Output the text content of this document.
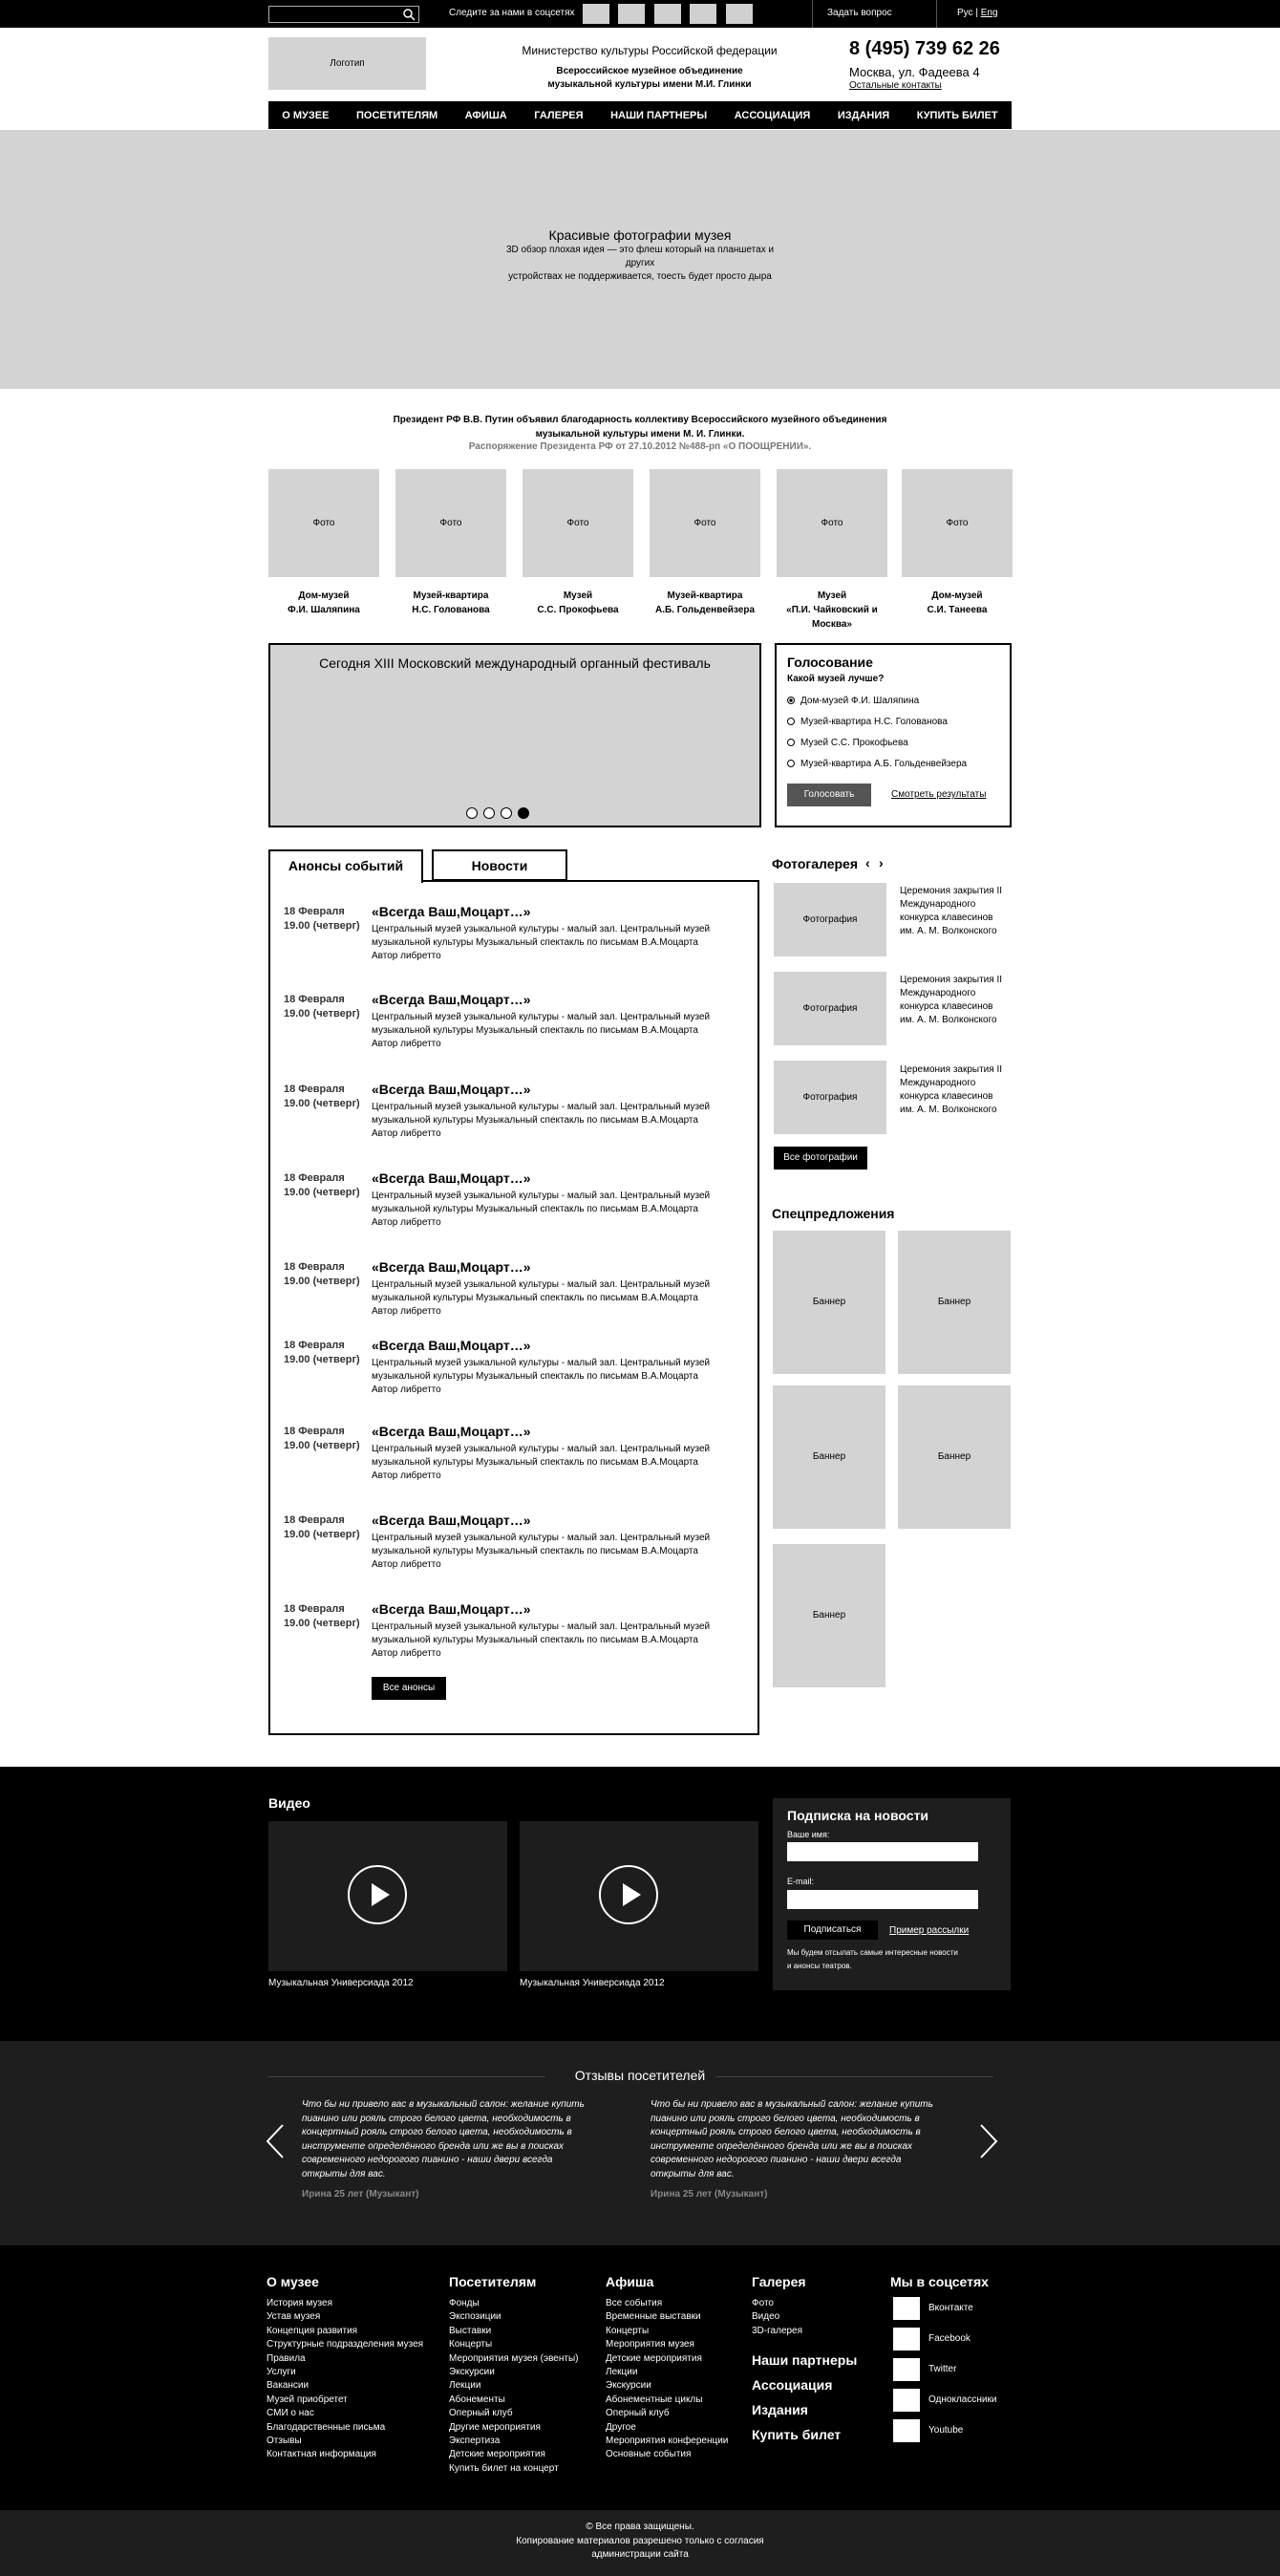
Следите за нами в соцсетях	Задать вопрос	Рус | Eng
Логотип
Министерство культуры Российской федерации
Всероссийское музейное объединение
музыкальной культуры имени М.И. Глинки
8 (495) 739 62 26
Москва, ул. Фадеева 4
Остальные контакты
О МУЗЕЕ	ПОСЕТИТЕЛЯМ	АФИША	ГАЛЕРЕЯ	НАШИ ПАРТНЕРЫ	АССОЦИАЦИЯ	ИЗДАНИЯ	КУПИТЬ БИЛЕТ
Красивые фотографии музея
3D обзор плохая идея — это флеш который на планшетах и других
устройствах не поддерживается, тоесть будет просто дыра
Президент РФ В.В. Путин объявил благодарность коллективу Всероссийского музейного объединения
музыкальной культуры имени М. И. Глинки.
Распоряжение Президента РФ от 27.10.2012 №488-рп «О ПООЩРЕНИИ».
Фото	Фото	Фото	Фото	Фото	Фото
Дом-музей
Ф.И. Шаляпина
Музей-квартира
Н.С. Голованова
Музей
С.С. Прокофьева
Музей-квартира
А.Б. Гольденвейзера
Музей
«П.И. Чайковский и
Москва»
Дом-музей
С.И. Танеева
Сегодня XIII Московский международный органный фестиваль	Голосование
Какой музей лучше?
Дом-музей Ф.И. Шаляпина
Музей-квартира Н.С. Голованова
Музей С.С. Прокофьева
Музей-квартира А.Б. Гольденвейзера
Голосовать	Смотреть результаты
Анонсы событий	Новости
18 Февраля
19.00 (четверг)
«Всегда Ваш,Моцарт…»
Центральный музей узыкальной культуры - малый зал. Центральный музей
музыкальной культуры Музыкальный спектакль по письмам В.А.Моцарта
Автор либретто
18 Февраля
19.00 (четверг)
«Всегда Ваш,Моцарт…»
Центральный музей узыкальной культуры - малый зал. Центральный музей
музыкальной культуры Музыкальный спектакль по письмам В.А.Моцарта
Автор либретто
18 Февраля
19.00 (четверг)
«Всегда Ваш,Моцарт…»
Центральный музей узыкальной культуры - малый зал. Центральный музей
музыкальной культуры Музыкальный спектакль по письмам В.А.Моцарта
Автор либретто
18 Февраля
19.00 (четверг)
«Всегда Ваш,Моцарт…»
Центральный музей узыкальной культуры - малый зал. Центральный музей
музыкальной культуры Музыкальный спектакль по письмам В.А.Моцарта
Автор либретто
18 Февраля
19.00 (четверг)
«Всегда Ваш,Моцарт…»
Центральный музей узыкальной культуры - малый зал. Центральный музей
музыкальной культуры Музыкальный спектакль по письмам В.А.Моцарта
Автор либретто
18 Февраля
19.00 (четверг)
«Всегда Ваш,Моцарт…»
Центральный музей узыкальной культуры - малый зал. Центральный музей
музыкальной культуры Музыкальный спектакль по письмам В.А.Моцарта
Автор либретто
18 Февраля
19.00 (четверг)
«Всегда Ваш,Моцарт…»
Центральный музей узыкальной культуры - малый зал. Центральный музей
музыкальной культуры Музыкальный спектакль по письмам В.А.Моцарта
Автор либретто
18 Февраля
19.00 (четверг)
«Всегда Ваш,Моцарт…»
Центральный музей узыкальной культуры - малый зал. Центральный музей
музыкальной культуры Музыкальный спектакль по письмам В.А.Моцарта
Автор либретто
18 Февраля
19.00 (четверг)
«Всегда Ваш,Моцарт…»
Центральный музей узыкальной культуры - малый зал. Центральный музей
музыкальной культуры Музыкальный спектакль по письмам В.А.Моцарта
Автор либретто
Все анонсы
Фотогалерея ‹ ›
Фотография
Церемония закрытия II
Международного
конкурса клавесинов
им. А. М. Волконского
Фотография
Церемония закрытия II
Международного
конкурса клавесинов
им. А. М. Волконского
Фотография
Церемония закрытия II
Международного
конкурса клавесинов
им. А. М. Волконского
Все фотографии
Спецпредложения
Баннер	Баннер
Баннер	Баннер
Баннер
Видео
Музыкальная Универсиада 2012	Музыкальная Универсиада 2012
Подписка на новости
Ваше имя:
E-mail:
Подписаться	Пример рассылки
Мы будем отсылать самые интересные новости
и анонсы театров.
Отзывы посетителей
Что бы ни привело вас в музыкальный салон: желание купить
пианино или рояль строго белого цвета, необходимость в
концертный рояль строго белого цвета, необходимость в
инструменте определённого бренда или же вы в поисках
современного недорогого пианино - наши двери всегда
открыты для вас.
Ирина 25 лет (Музыкант)
Что бы ни привело вас в музыкальный салон: желание купить
пианино или рояль строго белого цвета, необходимость в
концертный рояль строго белого цвета, необходимость в
инструменте определённого бренда или же вы в поисках
современного недорогого пианино - наши двери всегда
открыты для вас.
Ирина 25 лет (Музыкант)
О музее
История музея
Устав музея
Концепция развития
Структурные подразделения музея
Правила
Услуги
Вакансии
Музей приобретет
СМИ о нас
Благодарственные письма
Отзывы
Контактная информация
Посетителям
Фонды
Экспозиции
Выставки
Концерты
Мероприятия музея (эвенты)
Экскурсии
Лекции
Абонементы
Оперный клуб
Другие мероприятия
Экспертиза
Детские мероприятия
Купить билет на концерт
Афиша
Все события
Временные выставки
Концерты
Мероприятия музея
Детские мероприятия
Лекции
Экскурсии
Абонементные циклы
Оперный клуб
Другое
Мероприятия конференции
Основные события
Галерея
Фото
Видео
3D-галерея
Наши партнеры
Ассоциация
Издания
Купить билет
Мы в соцсетях
Вконтакте
Facebook
Twitter
Одноклассники
Youtube
© Все права защищены.
Копирование материалов разрешено только с согласия
администрации сайта
